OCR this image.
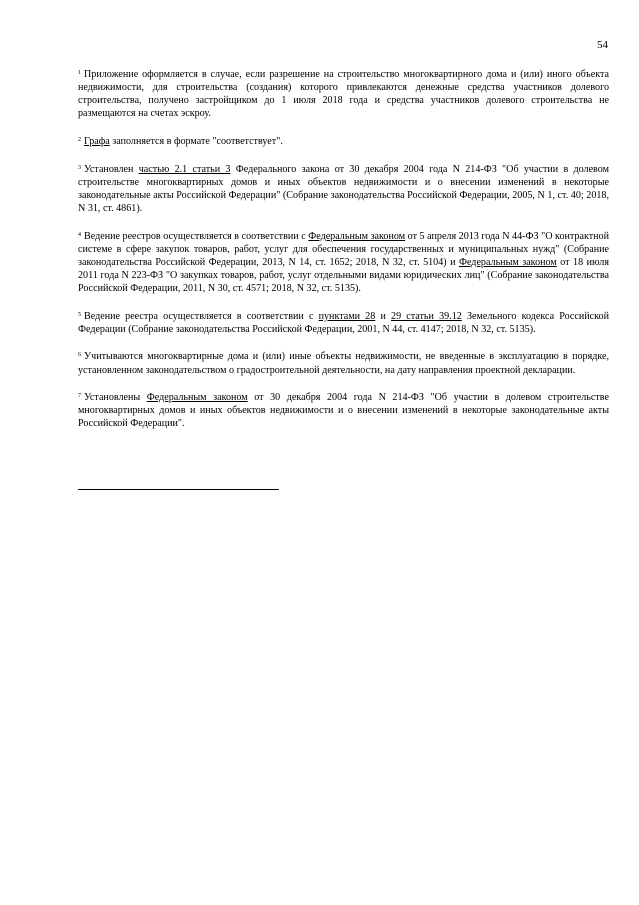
54

$^1$ Приложение оформляется в случае, если разрешение на строительство многоквартирного дома и (или) иного объекта недвижимости, для строительства (создания) которого привлекаются денежные средства участников долевого строительства, получено застройщиком до 1 июля 2018 года и средства участников долевого строительства не размещаются на счетах эскроу.

$^2$ Графа заполняется в формате "соответствует".

$^3$ Установлен частью 2.1 статьи 3 Федерального закона от 30 декабря 2004 года N 214-ФЗ "Об участии в долевом строительстве многоквартирных домов и иных объектов недвижимости и о внесении изменений в некоторые законодательные акты Российской Федерации" (Собрание законодательства Российской Федерации, 2005, N 1, ст. 40; 2018, N 31, ст. 4861).

$^4$ Ведение реестров осуществляется в соответствии с Федеральным законом от 5 апреля 2013 года N 44-ФЗ "О контрактной системе в сфере закупок товаров, работ, услуг для обеспечения государственных и муниципальных нужд" (Собрание законодательства Российской Федерации, 2013, N 14, ст. 1652; 2018, N 32, ст. 5104) и Федеральным законом от 18 июля 2011 года N 223-ФЗ "О закупках товаров, работ, услуг отдельными видами юридических лиц" (Собрание законодательства Российской Федерации, 2011, N 30, ст. 4571; 2018, N 32, ст. 5135).

$^5$ Ведение реестра осуществляется в соответствии с пунктами 28 и 29 статьи 39.12 Земельного кодекса Российской Федерации (Собрание законодательства Российской Федерации, 2001, N 44, ст. 4147; 2018, N 32, ст. 5135).

$^6$ Учитываются многоквартирные дома и (или) иные объекты недвижимости, не введенные в эксплуатацию в порядке, установленном законодательством о градостроительной деятельности, на дату направления проектной декларации.

$^7$ Установлены Федеральным законом от 30 декабря 2004 года N 214-ФЗ "Об участии в долевом строительстве многоквартирных домов и иных объектов недвижимости и о внесении изменений в некоторые законодательные акты Российской Федерации".
